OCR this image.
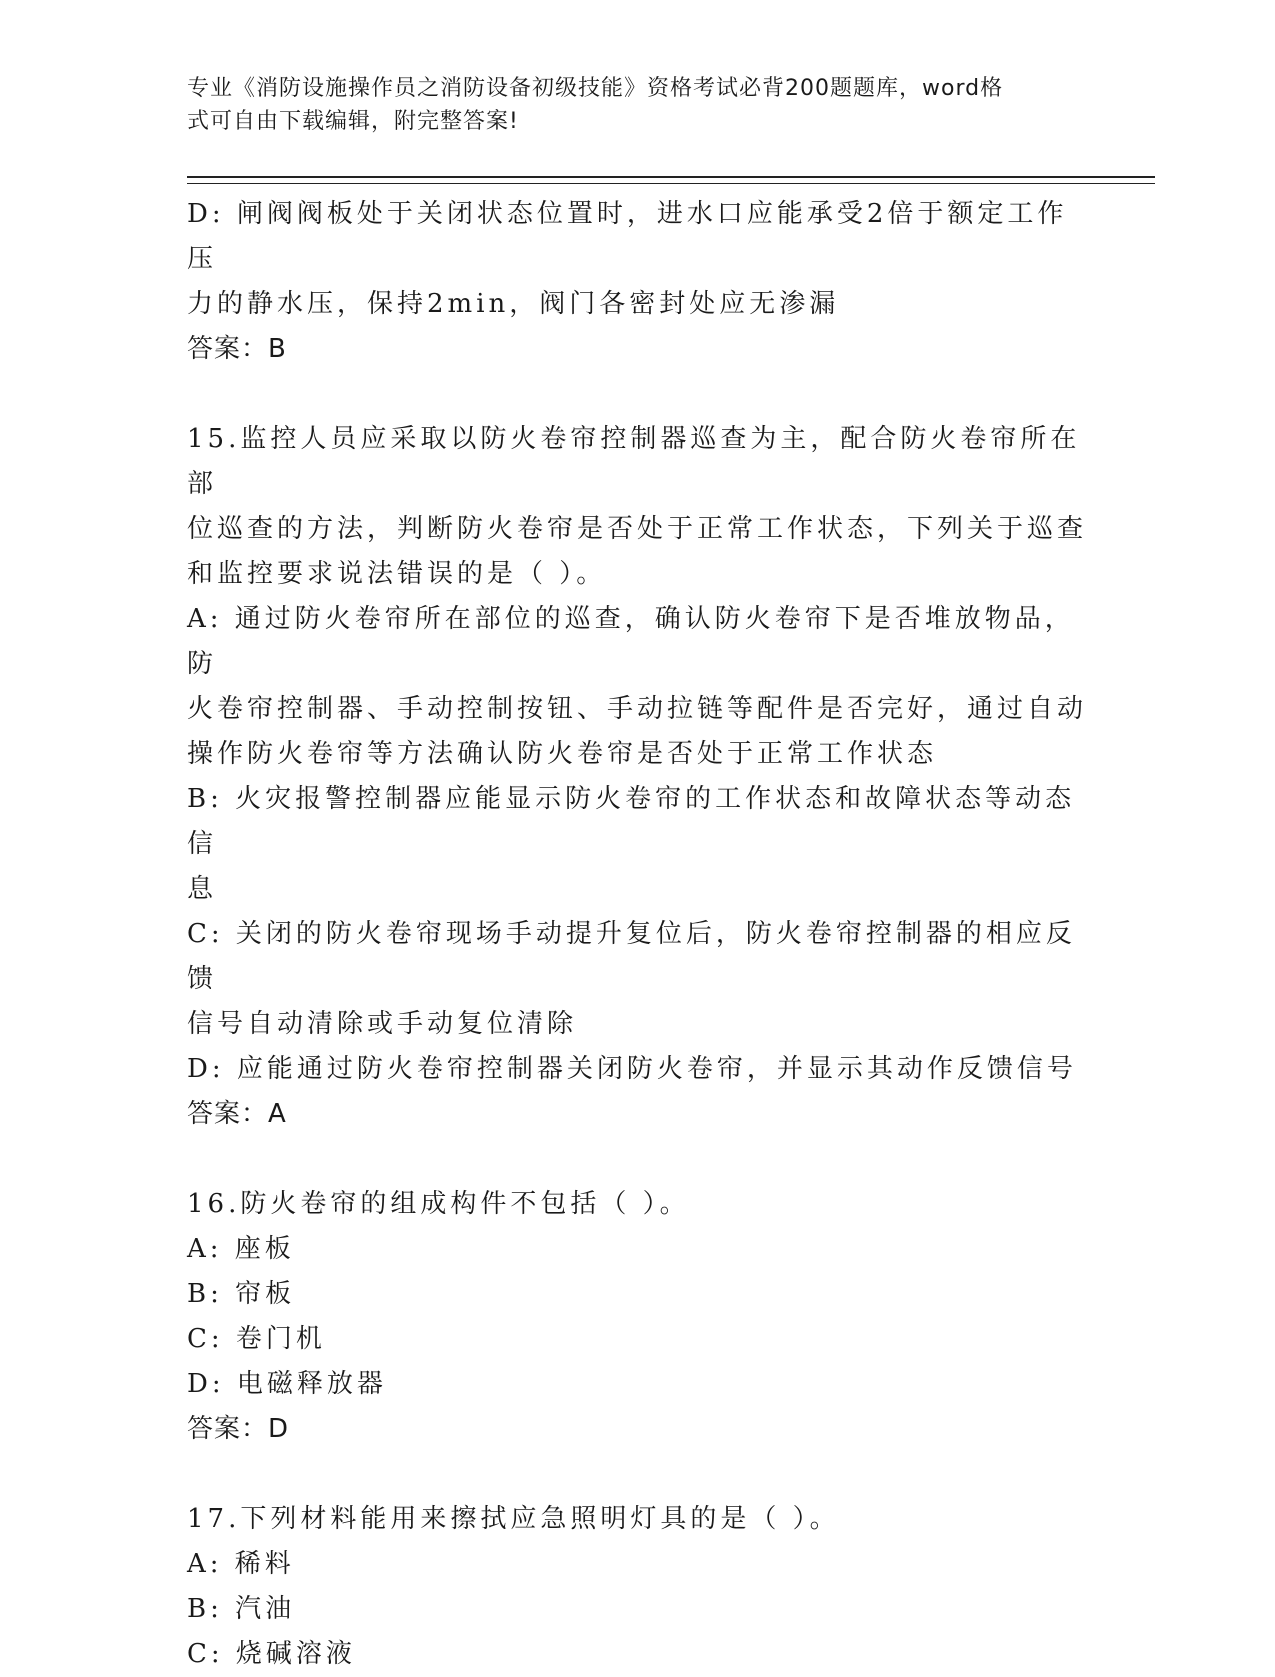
专业《消防设施操作员之消防设备初级技能》资格考试必背200题题库，word格
式可自由下载编辑，附完整答案!

D: 闸阀阀板处于关闭状态位置时，进水口应能承受2倍于额定工作压

力的静水压，保持2min，阀门各密封处应无渗漏

答案：B

15.监控人员应采取以防火卷帘控制器巡查为主，配合防火卷帘所在部

位巡查的方法，判断防火卷帘是否处于正常工作状态，下列关于巡查

和监控要求说法错误的是（ ）。

A: 通过防火卷帘所在部位的巡查，确认防火卷帘下是否堆放物品，防

火卷帘控制器、手动控制按钮、手动拉链等配件是否完好，通过自动

操作防火卷帘等方法确认防火卷帘是否处于正常工作状态

B: 火灾报警控制器应能显示防火卷帘的工作状态和故障状态等动态信

息

C: 关闭的防火卷帘现场手动提升复位后，防火卷帘控制器的相应反馈

信号自动清除或手动复位清除

D: 应能通过防火卷帘控制器关闭防火卷帘，并显示其动作反馈信号

答案：A

16.防火卷帘的组成构件不包括（ ）。

A: 座板

B: 帘板

C: 卷门机

D: 电磁释放器

答案：D

17.下列材料能用来擦拭应急照明灯具的是（ ）。

A: 稀料

B: 汽油

C: 烧碱溶液
